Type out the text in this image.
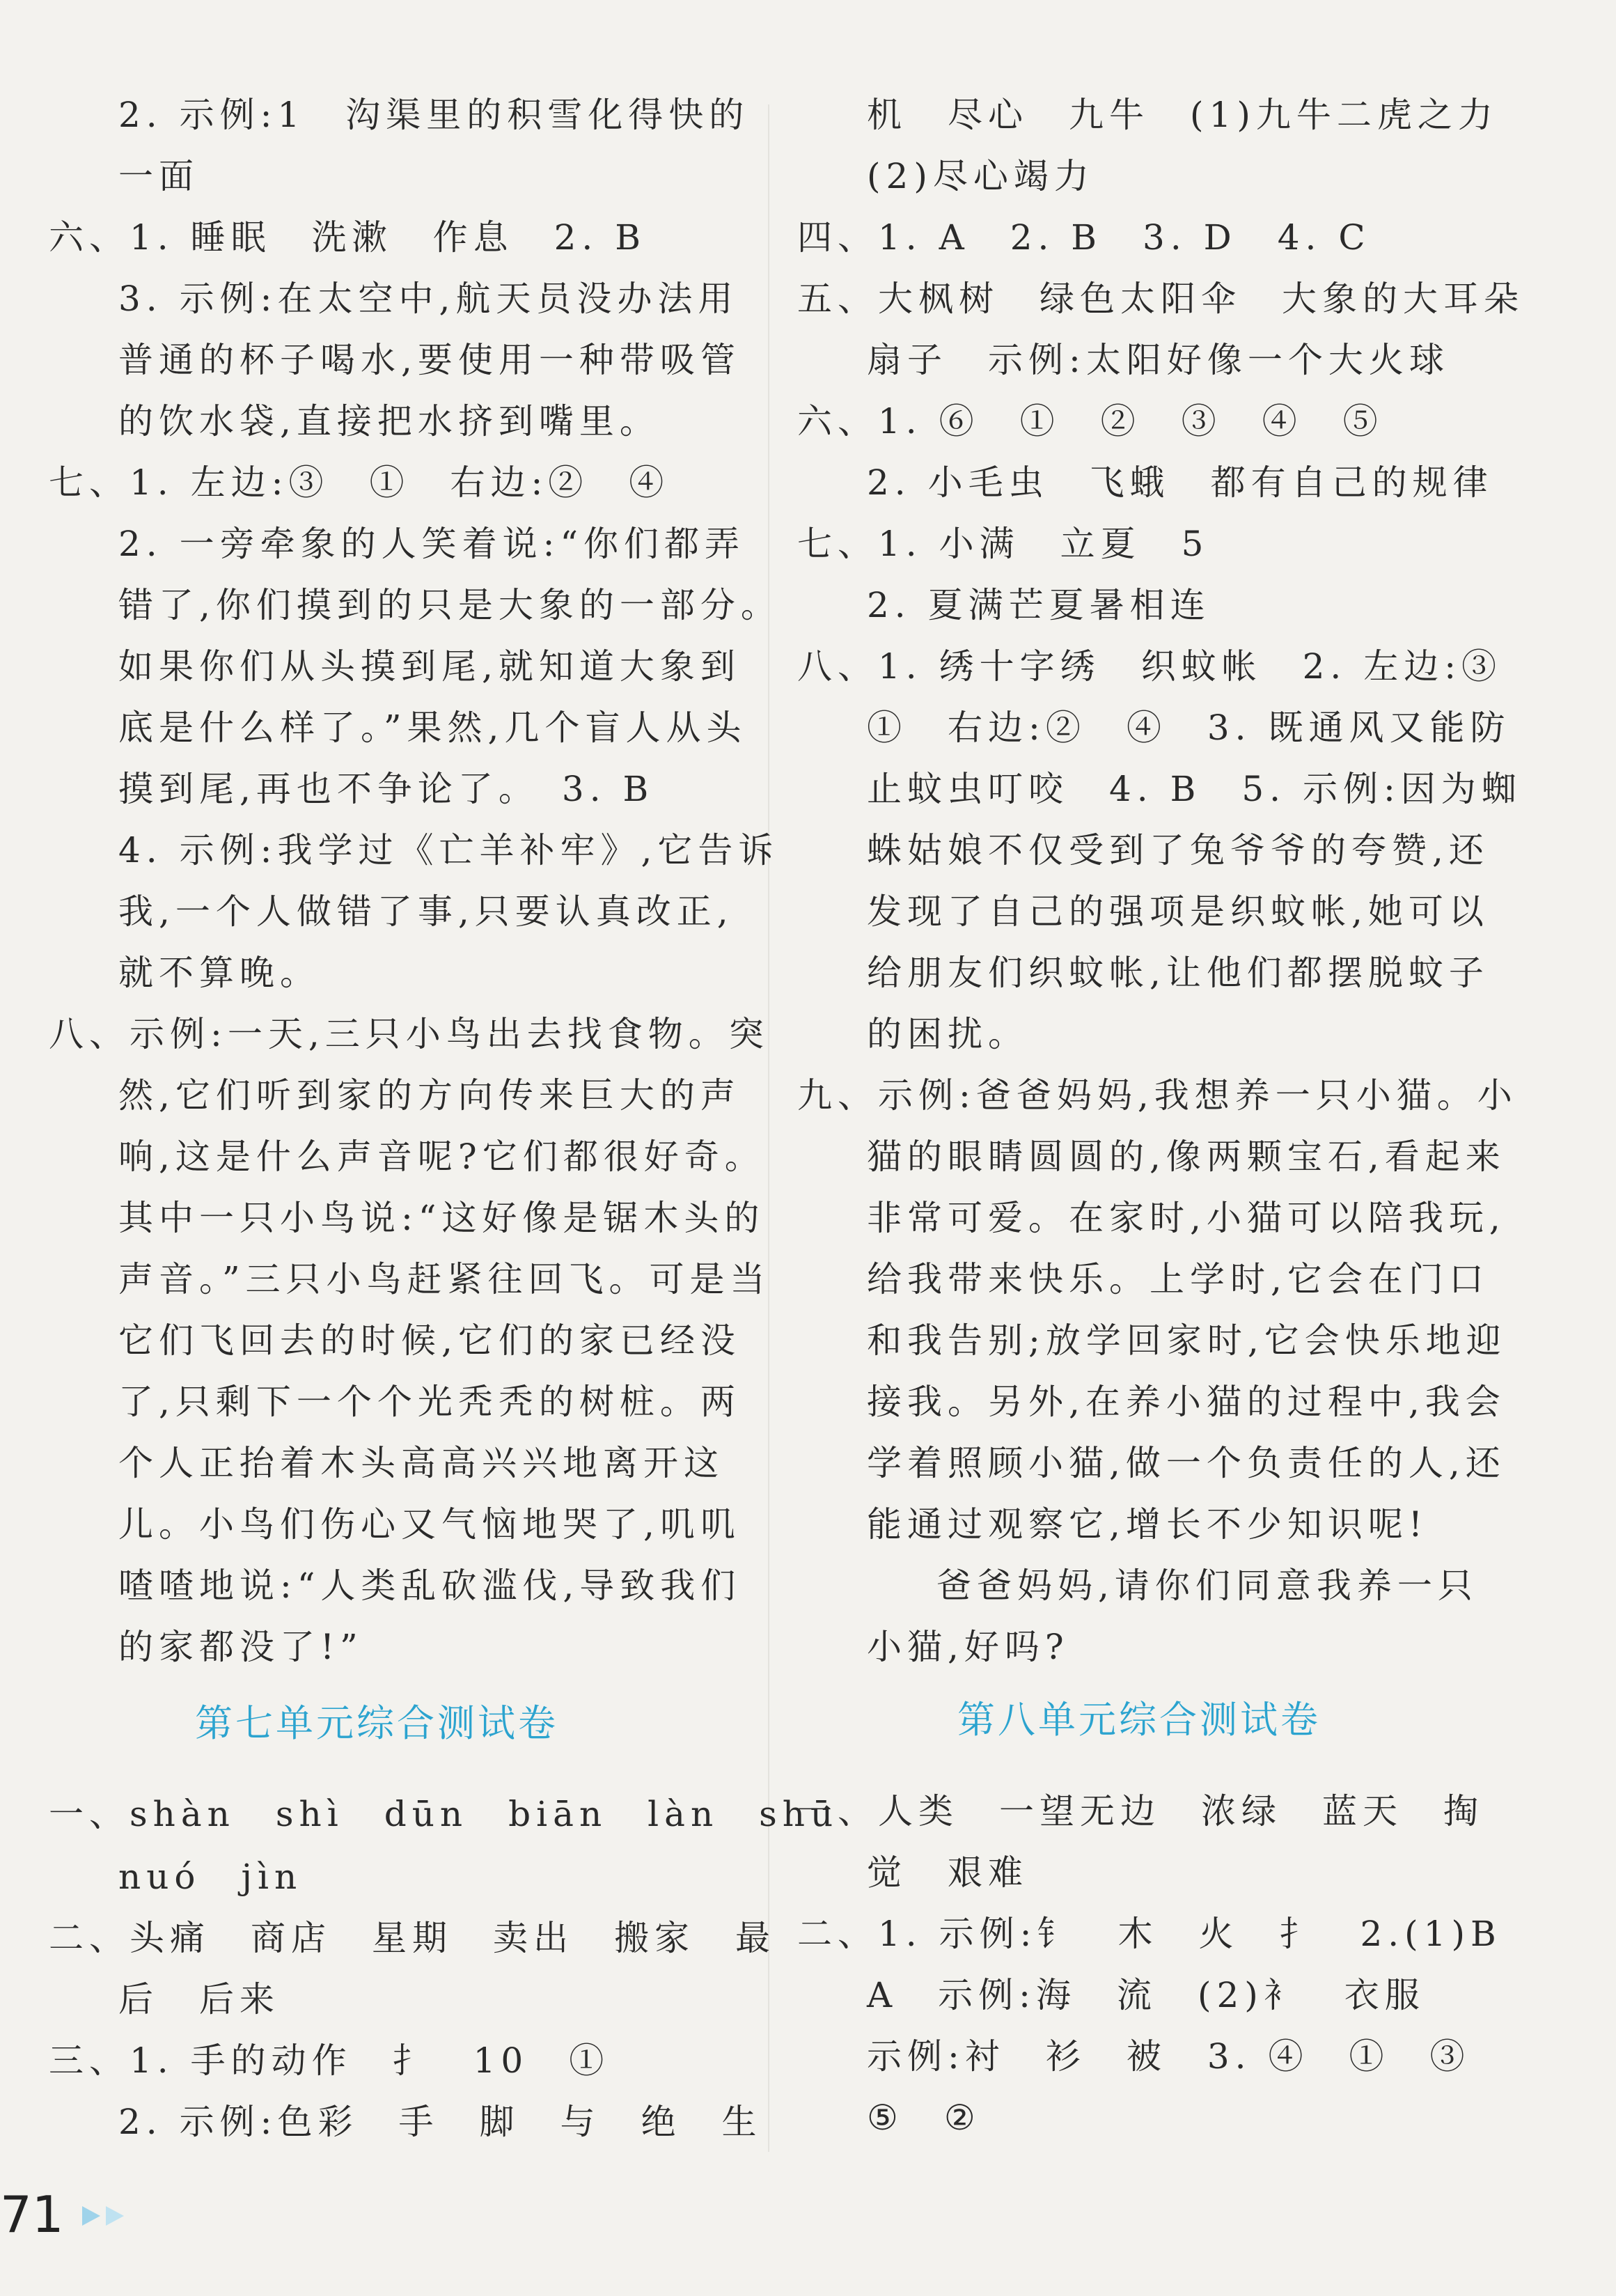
第七单元综合测试卷
2. 示例:1　沟渠里的积雪化得快的
一面
六、1. 睡眠　洗漱　作息　2. B
3. 示例:在太空中,航天员没办法用
普通的杯子喝水,要使用一种带吸管
的饮水袋,直接把水挤到嘴里。
七、1. 左边:③　①　右边:②　④
2. 一旁牵象的人笑着说:“你们都弄
错了,你们摸到的只是大象的一部分。
如果你们从头摸到尾,就知道大象到
底是什么样了。”果然,几个盲人从头
摸到尾,再也不争论了。　3. B
4. 示例:我学过《亡羊补牢》,它告诉
我,一个人做错了事,只要认真改正,
就不算晚。
八、示例:一天,三只小鸟出去找食物。突
然,它们听到家的方向传来巨大的声
响,这是什么声音呢?它们都很好奇。
其中一只小鸟说:“这好像是锯木头的
声音。”三只小鸟赶紧往回飞。可是当
它们飞回去的时候,它们的家已经没
了,只剩下一个个光秃秃的树桩。两
个人正抬着木头高高兴兴地离开这
儿。小鸟们伤心又气恼地哭了,叽叽
喳喳地说:“人类乱砍滥伐,导致我们
的家都没了!”
一、shàn　shì　dūn　biān　làn　shū
nuó　jìn
二、头痛　商店　星期　卖出　搬家　最
后　后来
三、1. 手的动作　扌　10　①
2. 示例:色彩　手　脚　与　绝　生
第八单元综合测试卷
机　尽心　九牛　(1)九牛二虎之力
(2)尽心竭力
四、1. A　2. B　3. D　4. C
五、大枫树　绿色太阳伞　大象的大耳朵
扇子　示例:太阳好像一个大火球
六、1. ⑥　①　②　③　④　⑤
2. 小毛虫　飞蛾　都有自己的规律
七、1. 小满　立夏　5
2. 夏满芒夏暑相连
八、1. 绣十字绣　织蚊帐　2. 左边:③
①　右边:②　④　3. 既通风又能防
止蚊虫叮咬　4. B　5. 示例:因为蜘
蛛姑娘不仅受到了兔爷爷的夸赞,还
发现了自己的强项是织蚊帐,她可以
给朋友们织蚊帐,让他们都摆脱蚊子
的困扰。
九、示例:爸爸妈妈,我想养一只小猫。小
猫的眼睛圆圆的,像两颗宝石,看起来
非常可爱。在家时,小猫可以陪我玩,
给我带来快乐。上学时,它会在门口
和我告别;放学回家时,它会快乐地迎
接我。另外,在养小猫的过程中,我会
学着照顾小猫,做一个负责任的人,还
能通过观察它,增长不少知识呢!
爸爸妈妈,请你们同意我养一只
小猫,好吗?
一、人类　一望无边　浓绿　蓝天　掏
觉　艰难
二、1. 示例:钅　木　火　扌　2.(1)B
A　示例:海　流　(2)衤　衣服
示例:衬　衫　被　3. ④　①　③
⑤　②
71
